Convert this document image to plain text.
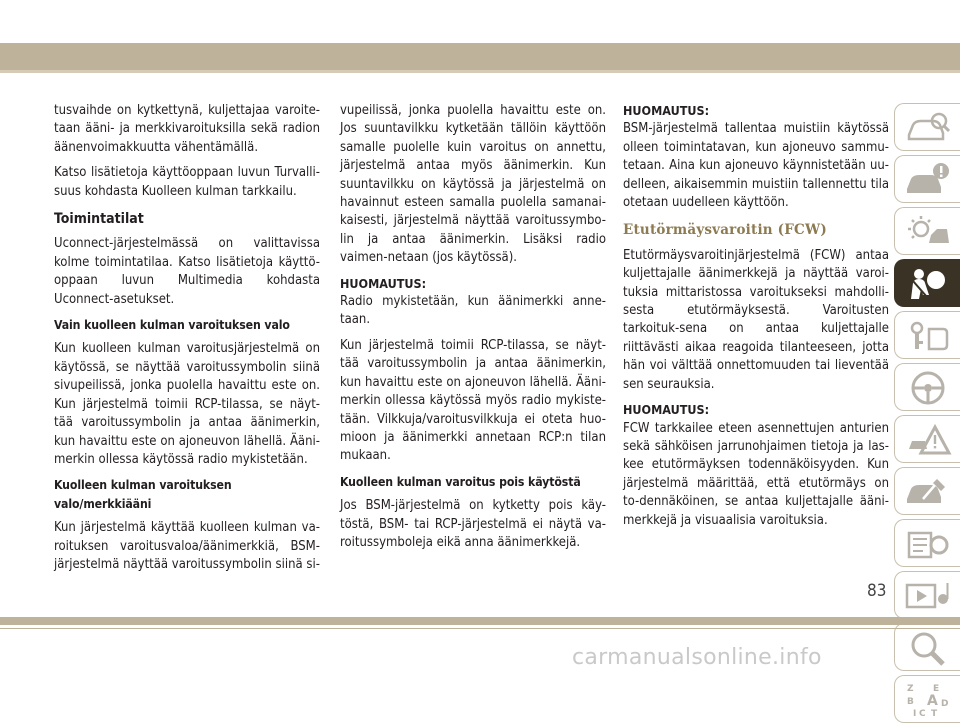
tusvaihde on kytkettynä, kuljettajaa varoite-taan ääni- ja merkkivaroituksilla sekä radion äänenvoimakkuutta vähentämällä.

Katso lisätietoja käyttöoppaan luvun Turvalli-suus kohdasta Kuolleen kulman tarkkailu.

Toimintatilat

Uconnect-järjestelmässä on valittavissa kolme toimintatilaa. Katso lisätietoja käyttö-oppaan luvun Multimedia kohdasta Uconnect-asetukset.

Vain kuolleen kulman varoituksen valo

Kun kuolleen kulman varoitusjärjestelmä on käytössä, se näyttää varoitussymbolin siinä sivupeilissä, jonka puolella havaittu este on. Kun järjestelmä toimii RCP-tilassa, se näyt-tää varoitussymbolin ja antaa äänimerkin, kun havaittu este on ajoneuvon lähellä. Ääni-merkin ollessa käytössä radio mykistetään.

Kuolleen kulman varoituksen valo/merkkiääni

Kun järjestelmä käyttää kuolleen kulman va-roituksen varoitusvaloa/äänimerkkiä, BSM-järjestelmä näyttää varoitussymbolin siinä si-

vupeilissä, jonka puolella havaittu este on. Jos suuntavilkku kytketään tällöin käyttöön samalle puolelle kuin varoitus on annettu, järjestelmä antaa myös äänimerkin. Kun suuntavilkku on käytössä ja järjestelmä on havainnut esteen samalla puolella samanai-kaisesti, järjestelmä näyttää varoitussymbo-lin ja antaa äänimerkin. Lisäksi radio vaimen-netaan (jos käytössä).

HUOMAUTUS:

Radio mykistetään, kun äänimerkki anne-taan.

Kun järjestelmä toimii RCP-tilassa, se näyt-tää varoitussymbolin ja antaa äänimerkin, kun havaittu este on ajoneuvon lähellä. Ääni-merkin ollessa käytössä myös radio mykiste-tään. Vilkkuja/varoitusvilkkuja ei oteta huo-mioon ja äänimerkki annetaan RCP:n tilan mukaan.

Kuolleen kulman varoitus pois käytöstä

Jos BSM-järjestelmä on kytketty pois käy-töstä, BSM- tai RCP-järjestelmä ei näytä va-roitussymboleja eikä anna äänimerkkejä.

HUOMAUTUS:

BSM-järjestelmä tallentaa muistiin käytössä olleen toimintatavan, kun ajoneuvo sammu-tetaan. Aina kun ajoneuvo käynnistetään uu-delleen, aikaisemmin muistiin tallennettu tila otetaan uudelleen käyttöön.

Etutörmäysvaroitin (FCW)

Etutörmäysvaroitinjärjestelmä (FCW) antaa kuljettajalle äänimerkkejä ja näyttää varoi-tuksia mittaristossa varoitukseksi mahdolli-sesta etutörmäyksestä. Varoitusten tarkoituk-sena on antaa kuljettajalle riittävästi aikaa reagoida tilanteeseen, jotta hän voi välttää onnettomuuden tai lieventää sen seurauksia.

HUOMAUTUS:

FCW tarkkailee eteen asennettujen anturien sekä sähköisen jarrunohjaimen tietoja ja las-kee etutörmäyksen todennäköisyyden. Kun järjestelmä määrittää, että etutörmäys on to-dennäköinen, se antaa kuljettajalle ääni-merkkejä ja visuaalisia varoituksia.

Z E
B A
I C
D
T
83
carmanualsonline.info
